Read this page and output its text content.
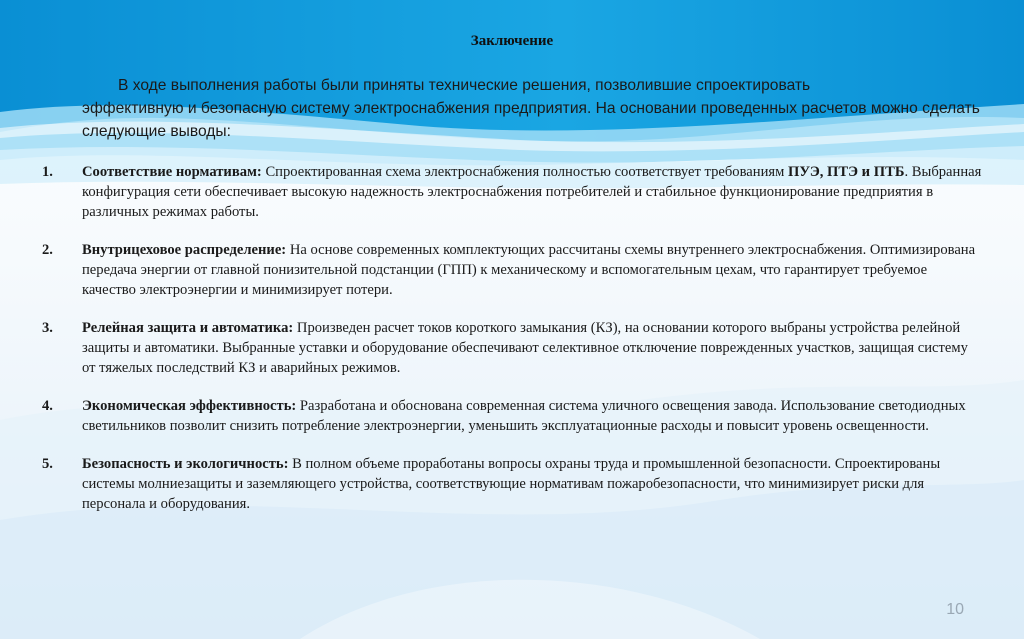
Заключение
В ходе выполнения работы были приняты технические решения, позволившие спроектировать
эффективную и безопасную систему электроснабжения предприятия. На основании проведенных расчетов можно сделать следующие выводы:
1.	Соответствие нормативам: Спроектированная схема электроснабжения полностью соответствует требованиям ПУЭ, ПТЭ и ПТБ. Выбранная конфигурация сети обеспечивает высокую надежность электроснабжения потребителей и стабильное функционирование предприятия в различных режимах работы.
2.	Внутрицеховое распределение: На основе современных комплектующих рассчитаны схемы внутреннего электроснабжения. Оптимизирована передача энергии от главной понизительной подстанции (ГПП) к механическому и вспомогательным цехам, что гарантирует требуемое качество электроэнергии и минимизирует потери.
3.	Релейная защита и автоматика: Произведен расчет токов короткого замыкания (КЗ), на основании которого выбраны устройства релейной защиты и автоматики. Выбранные уставки и оборудование обеспечивают селективное отключение поврежденных участков, защищая систему от тяжелых последствий КЗ и аварийных режимов.
4.	Экономическая эффективность: Разработана и обоснована современная система уличного освещения завода. Использование светодиодных светильников позволит снизить потребление электроэнергии, уменьшить эксплуатационные расходы и повысит уровень освещенности.
5.	Безопасность и экологичность: В полном объеме проработаны вопросы охраны труда и промышленной безопасности. Спроектированы системы молниезащиты и заземляющего устройства, соответствующие нормативам пожаробезопасности, что минимизирует риски для персонала и оборудования.
10
